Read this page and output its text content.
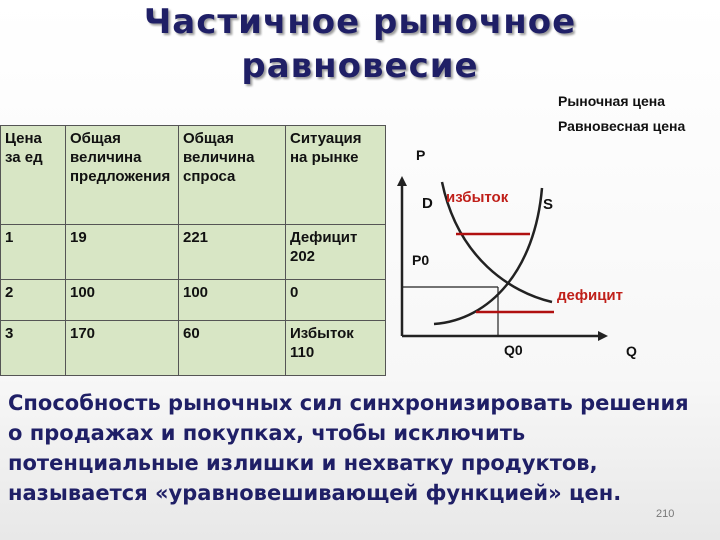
Частичное рыночное
равновесие
Рыночная цена
Равновесная цена
Цена за ед	Общая величина предложения	Общая величина спроса	Ситуация на рынке
1	19	221	Дефицит 202
2	100	100	0
3	170	60	Избыток 110
P
Q
D	S
избыток
дефицит
P0
Q0
Способность рыночных сил синхронизировать решения о продажах и покупках, чтобы исключить потенциальные излишки и нехватку продуктов, называется «уравновешивающей функцией» цен.
210
